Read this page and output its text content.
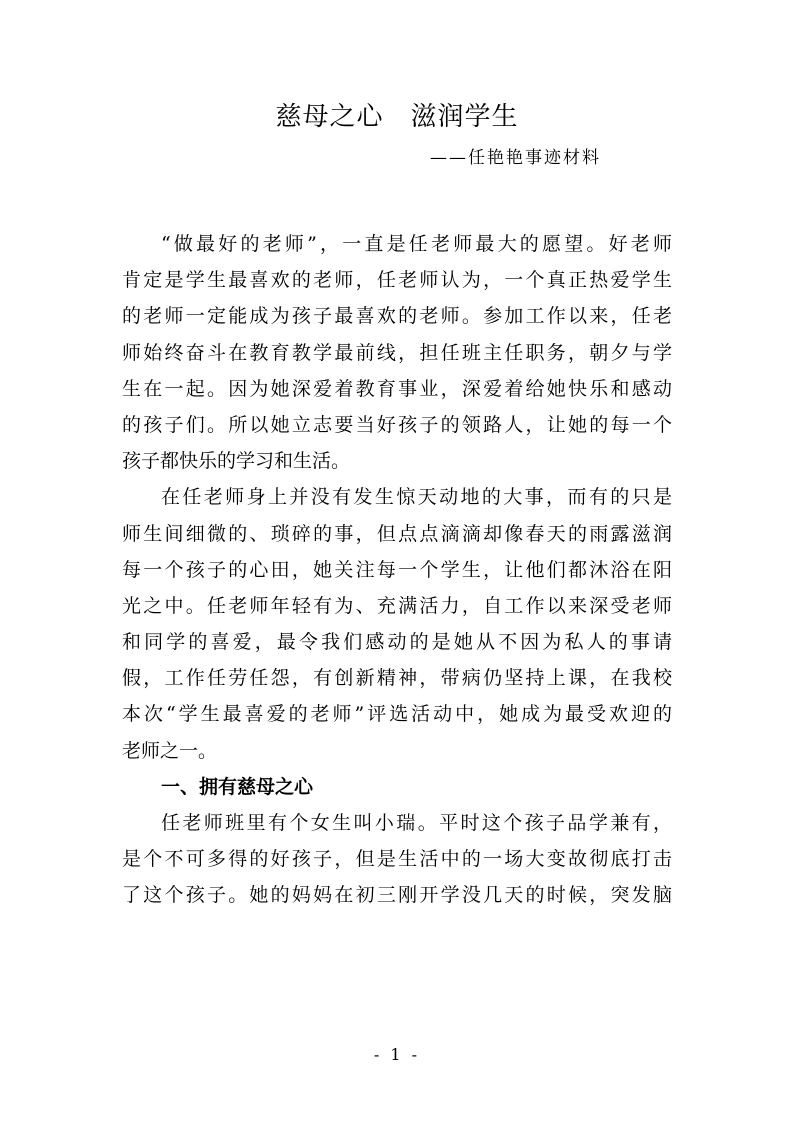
慈母之心　滋润学生
——任艳艳事迹材料
“做最好的老师”，一直是任老师最大的愿望。好老师
肯定是学生最喜欢的老师，任老师认为，一个真正热爱学生
的老师一定能成为孩子最喜欢的老师。参加工作以来，任老
师始终奋斗在教育教学最前线，担任班主任职务，朝夕与学
生在一起。因为她深爱着教育事业，深爱着给她快乐和感动
的孩子们。所以她立志要当好孩子的领路人，让她的每一个
孩子都快乐的学习和生活。
在任老师身上并没有发生惊天动地的大事，而有的只是
师生间细微的、琐碎的事，但点点滴滴却像春天的雨露滋润
每一个孩子的心田，她关注每一个学生，让他们都沐浴在阳
光之中。任老师年轻有为、充满活力，自工作以来深受老师
和同学的喜爱，最令我们感动的是她从不因为私人的事请
假，工作任劳任怨，有创新精神，带病仍坚持上课，在我校
本次“学生最喜爱的老师”评选活动中，她成为最受欢迎的
老师之一。
一、拥有慈母之心
任老师班里有个女生叫小瑞。平时这个孩子品学兼有，
是个不可多得的好孩子，但是生活中的一场大变故彻底打击
了这个孩子。她的妈妈在初三刚开学没几天的时候，突发脑
- 1 -
